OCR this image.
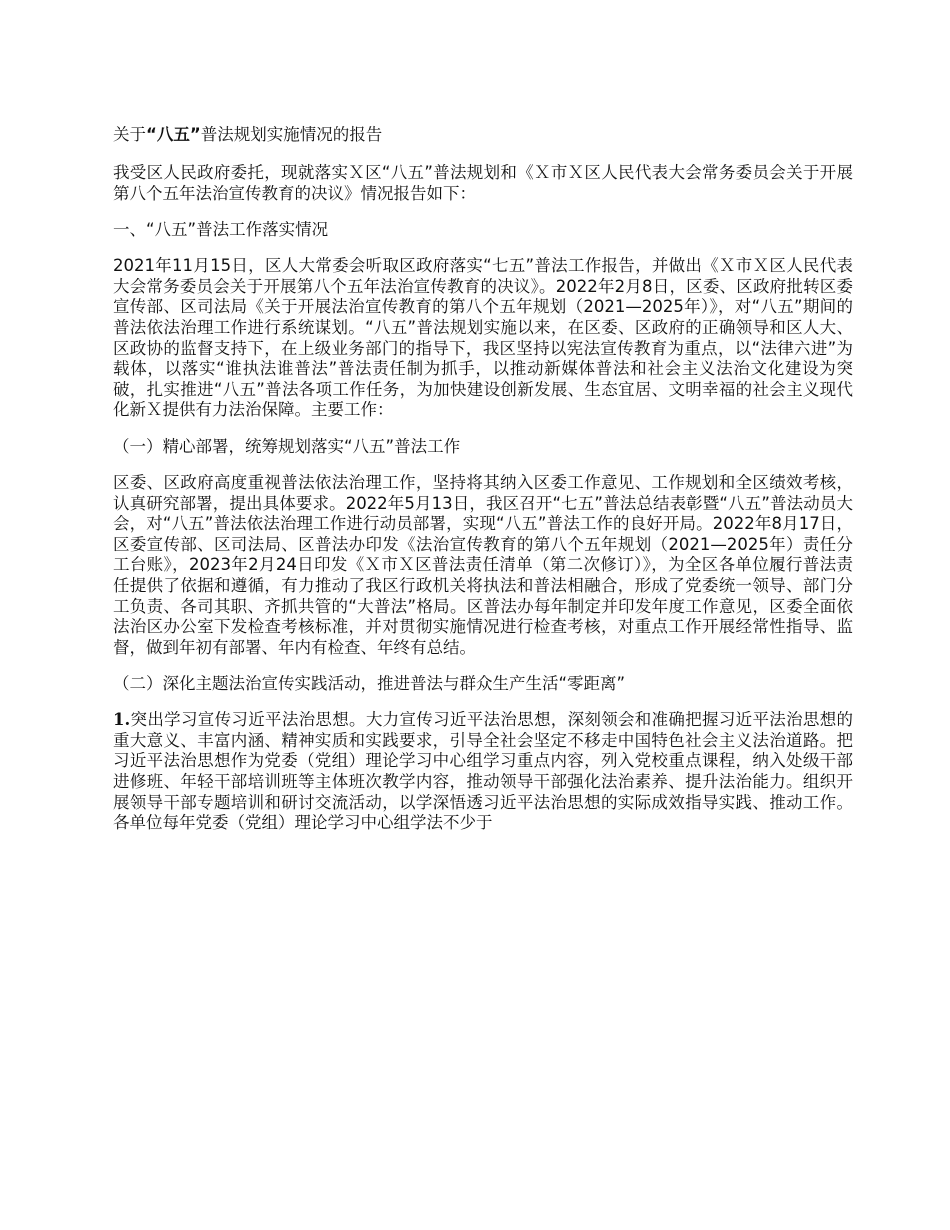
关于“八五”普法规划实施情况的报告

我受区人民政府委托，现就落实Ｘ区“八五”普法规划和《Ｘ市Ｘ区人民代表大会常务委员会关于开展第八个五年法治宣传教育的决议》情况报告如下：

一、“八五”普法工作落实情况

2021年11月15日，区人大常委会听取区政府落实“七五”普法工作报告，并做出《Ｘ市Ｘ区人民代表大会常务委员会关于开展第八个五年法治宣传教育的决议》。2022年2月8日，区委、区政府批转区委宣传部、区司法局《关于开展法治宣传教育的第八个五年规划（2021—2025年）》，对“八五”期间的普法依法治理工作进行系统谋划。“八五”普法规划实施以来，在区委、区政府的正确领导和区人大、区政协的监督支持下，在上级业务部门的指导下，我区坚持以宪法宣传教育为重点，以“法律六进”为载体，以落实“谁执法谁普法”普法责任制为抓手，以推动新媒体普法和社会主义法治文化建设为突破，扎实推进“八五”普法各项工作任务，为加快建设创新发展、生态宜居、文明幸福的社会主义现代化新Ｘ提供有力法治保障。主要工作：

（一）精心部署，统筹规划落实“八五”普法工作

区委、区政府高度重视普法依法治理工作，坚持将其纳入区委工作意见、工作规划和全区绩效考核，认真研究部署，提出具体要求。2022年5月13日，我区召开“七五”普法总结表彰暨“八五”普法动员大会，对“八五”普法依法治理工作进行动员部署，实现“八五”普法工作的良好开局。2022年8月17日，区委宣传部、区司法局、区普法办印发《法治宣传教育的第八个五年规划（2021—2025年）责任分工台账》，2023年2月24日印发《Ｘ市Ｘ区普法责任清单（第二次修订）》，为全区各单位履行普法责任提供了依据和遵循，有力推动了我区行政机关将执法和普法相融合，形成了党委统一领导、部门分工负责、各司其职、齐抓共管的“大普法”格局。区普法办每年制定并印发年度工作意见，区委全面依法治区办公室下发检查考核标准，并对贯彻实施情况进行检查考核，对重点工作开展经常性指导、监督，做到年初有部署、年内有检查、年终有总结。

（二）深化主题法治宣传实践活动，推进普法与群众生产生活“零距离”

1.突出学习宣传习近平法治思想。大力宣传习近平法治思想，深刻领会和准确把握习近平法治思想的重大意义、丰富内涵、精神实质和实践要求，引导全社会坚定不移走中国特色社会主义法治道路。把习近平法治思想作为党委（党组）理论学习中心组学习重点内容，列入党校重点课程，纳入处级干部进修班、年轻干部培训班等主体班次教学内容，推动领导干部强化法治素养、提升法治能力。组织开展领导干部专题培训和研讨交流活动，以学深悟透习近平法治思想的实际成效指导实践、推动工作。各单位每年党委（党组）理论学习中心组学法不少于
